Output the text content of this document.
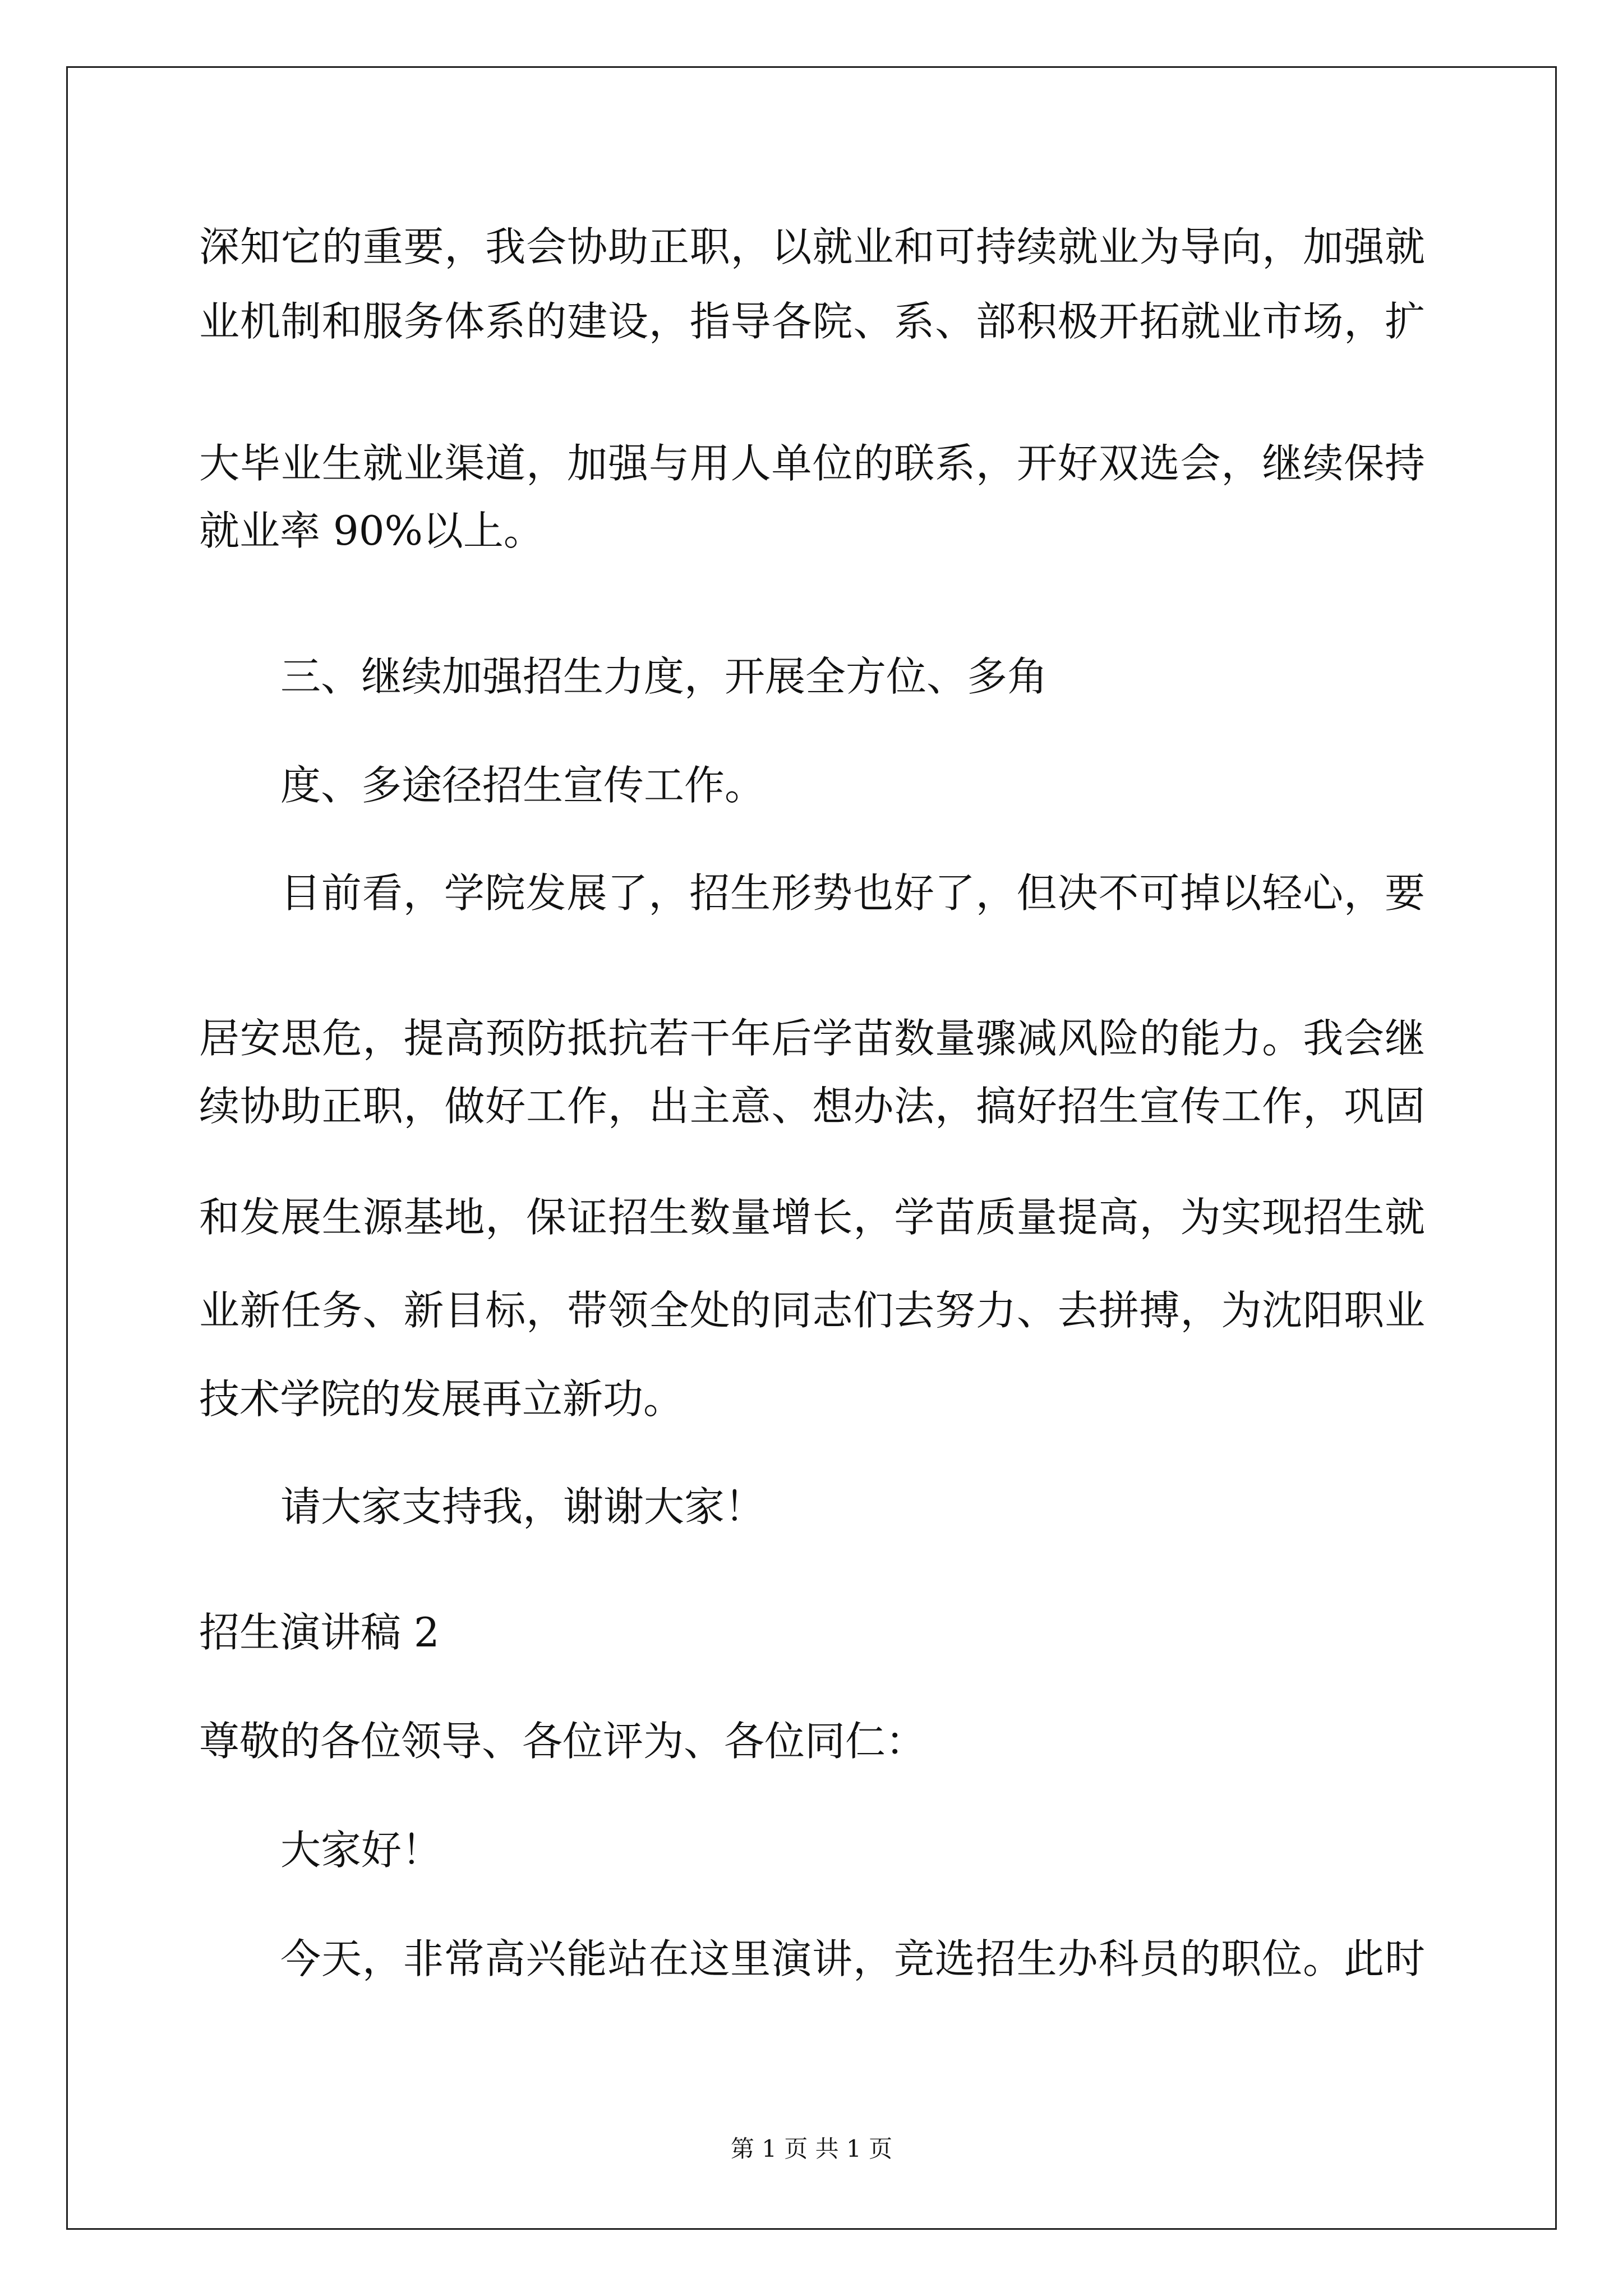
深知它的重要，我会协助正职，以就业和可持续就业为导向，加强就
业机制和服务体系的建设，指导各院、系、部积极开拓就业市场，扩
大毕业生就业渠道，加强与用人单位的联系，开好双选会，继续保持
就业率 90%以上。
三、继续加强招生力度，开展全方位、多角
度、多途径招生宣传工作。
目前看，学院发展了，招生形势也好了，但决不可掉以轻心，要
居安思危，提高预防抵抗若干年后学苗数量骤减风险的能力。我会继
续协助正职，做好工作，出主意、想办法，搞好招生宣传工作，巩固
和发展生源基地，保证招生数量增长，学苗质量提高，为实现招生就
业新任务、新目标，带领全处的同志们去努力、去拼搏，为沈阳职业
技术学院的发展再立新功。
请大家支持我，谢谢大家！
招生演讲稿 2
尊敬的各位领导、各位评为、各位同仁：
大家好！
今天，非常高兴能站在这里演讲，竞选招生办科员的职位。此时
第 1 页 共 1 页
